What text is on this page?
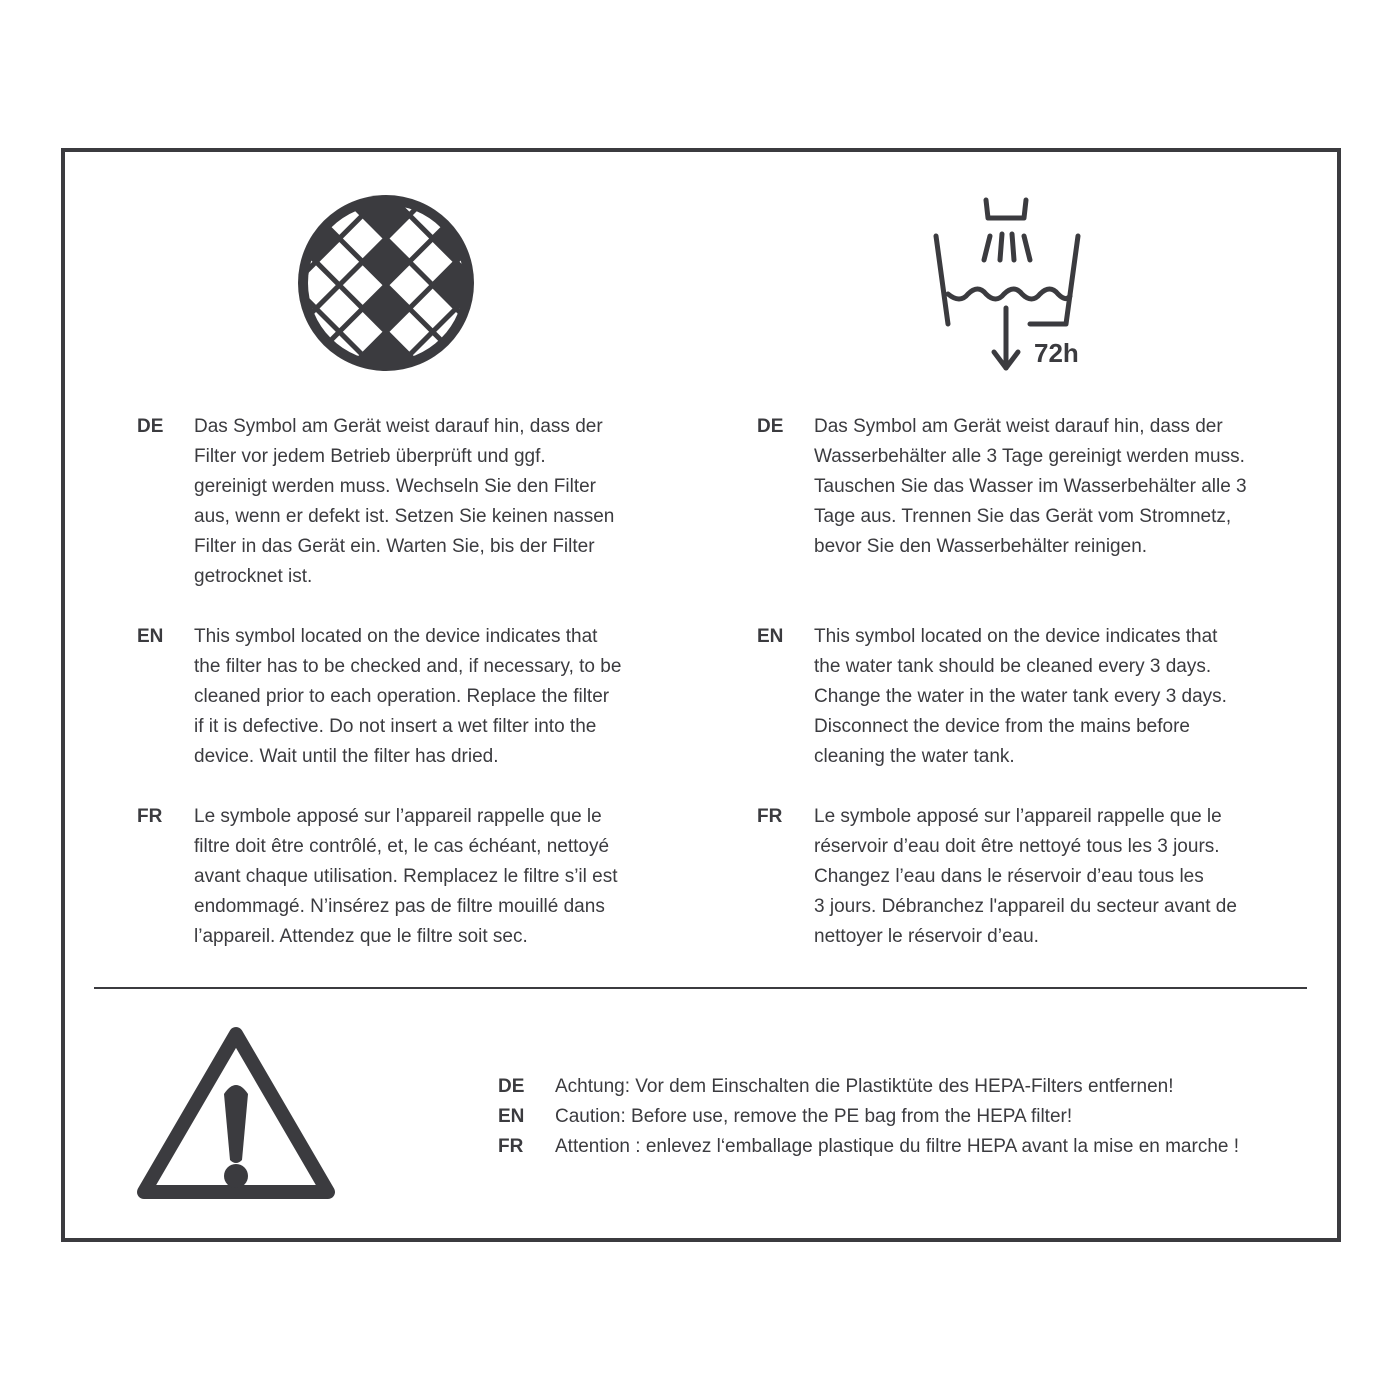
72h
DE Das Symbol am Gerät weist darauf hin, dass der
Filter vor jedem Betrieb überprüft und ggf.
gereinigt werden muss. Wechseln Sie den Filter
aus, wenn er defekt ist. Setzen Sie keinen nassen
Filter in das Gerät ein. Warten Sie, bis der Filter
getrocknet ist.
EN This symbol located on the device indicates that
the filter has to be checked and, if necessary, to be
cleaned prior to each operation. Replace the filter
if it is defective. Do not insert a wet filter into the
device. Wait until the filter has dried.
FR Le symbole apposé sur l’appareil rappelle que le
filtre doit être contrôlé, et, le cas échéant, nettoyé
avant chaque utilisation. Remplacez le filtre s’il est
endommagé. N’insérez pas de filtre mouillé dans
l’appareil. Attendez que le filtre soit sec.
DE Das Symbol am Gerät weist darauf hin, dass der
Wasserbehälter alle 3 Tage gereinigt werden muss.
Tauschen Sie das Wasser im Wasserbehälter alle 3
Tage aus. Trennen Sie das Gerät vom Stromnetz,
bevor Sie den Wasserbehälter reinigen.
EN This symbol located on the device indicates that
the water tank should be cleaned every 3 days.
Change the water in the water tank every 3 days.
Disconnect the device from the mains before
cleaning the water tank.
FR Le symbole apposé sur l’appareil rappelle que le
réservoir d’eau doit être nettoyé tous les 3 jours.
Changez l’eau dans le réservoir d’eau tous les
3 jours. Débranchez l'appareil du secteur avant de
nettoyer le réservoir d’eau.
DE Achtung: Vor dem Einschalten die Plastiktüte des HEPA-Filters entfernen!
EN Caution: Before use, remove the PE bag from the HEPA filter!
FR Attention : enlevez l‘emballage plastique du filtre HEPA avant la mise en marche !
